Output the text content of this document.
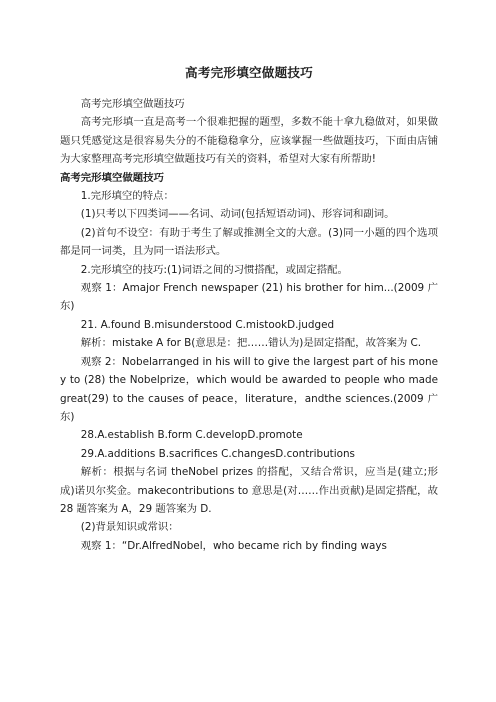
高考完形填空做题技巧

高考完形填空做题技巧

高考完形填一直是高考一个很难把握的题型，多数不能十拿九稳做对，如果做题只凭感觉这是很容易失分的不能稳稳拿分，应该掌握一些做题技巧，下面由店铺为大家整理高考完形填空做题技巧有关的资料，希望对大家有所帮助!

高考完形填空做题技巧

1.完形填空的特点：

(1)只考以下四类词——名词、动词(包括短语动词)、形容词和副词。

(2)首句不设空：有助于考生了解或推测全文的大意。(3)同一小题的四个选项都是同一词类，且为同一语法形式。

2.完形填空的技巧:(1)词语之间的习惯搭配，或固定搭配。

观察 1：Amajor French newspaper (21) his brother for him...(2009 广东)

21. A.found B.misunderstood C.mistookD.judged

解析：mistake A for B(意思是：把……错认为)是固定搭配，故答案为 C.

观察 2：Nobelarranged in his will to give the largest part of his money to (28) the Nobelprize，which would be awarded to people who made great(29) to the causes of peace，literature，andthe sciences.(2009 广东)

28.A.establish B.form C.developD.promote

29.A.additions B.sacrifices C.changesD.contributions

解析：根据与名词 theNobel prizes 的搭配，又结合常识，应当是(建立;形成)诺贝尔奖金。makecontributions to 意思是(对……作出贡献)是固定搭配，故 28 题答案为 A，29 题答案为 D.

(2)背景知识或常识：

观察 1：“Dr.AlfredNobel，who became rich by finding ways
